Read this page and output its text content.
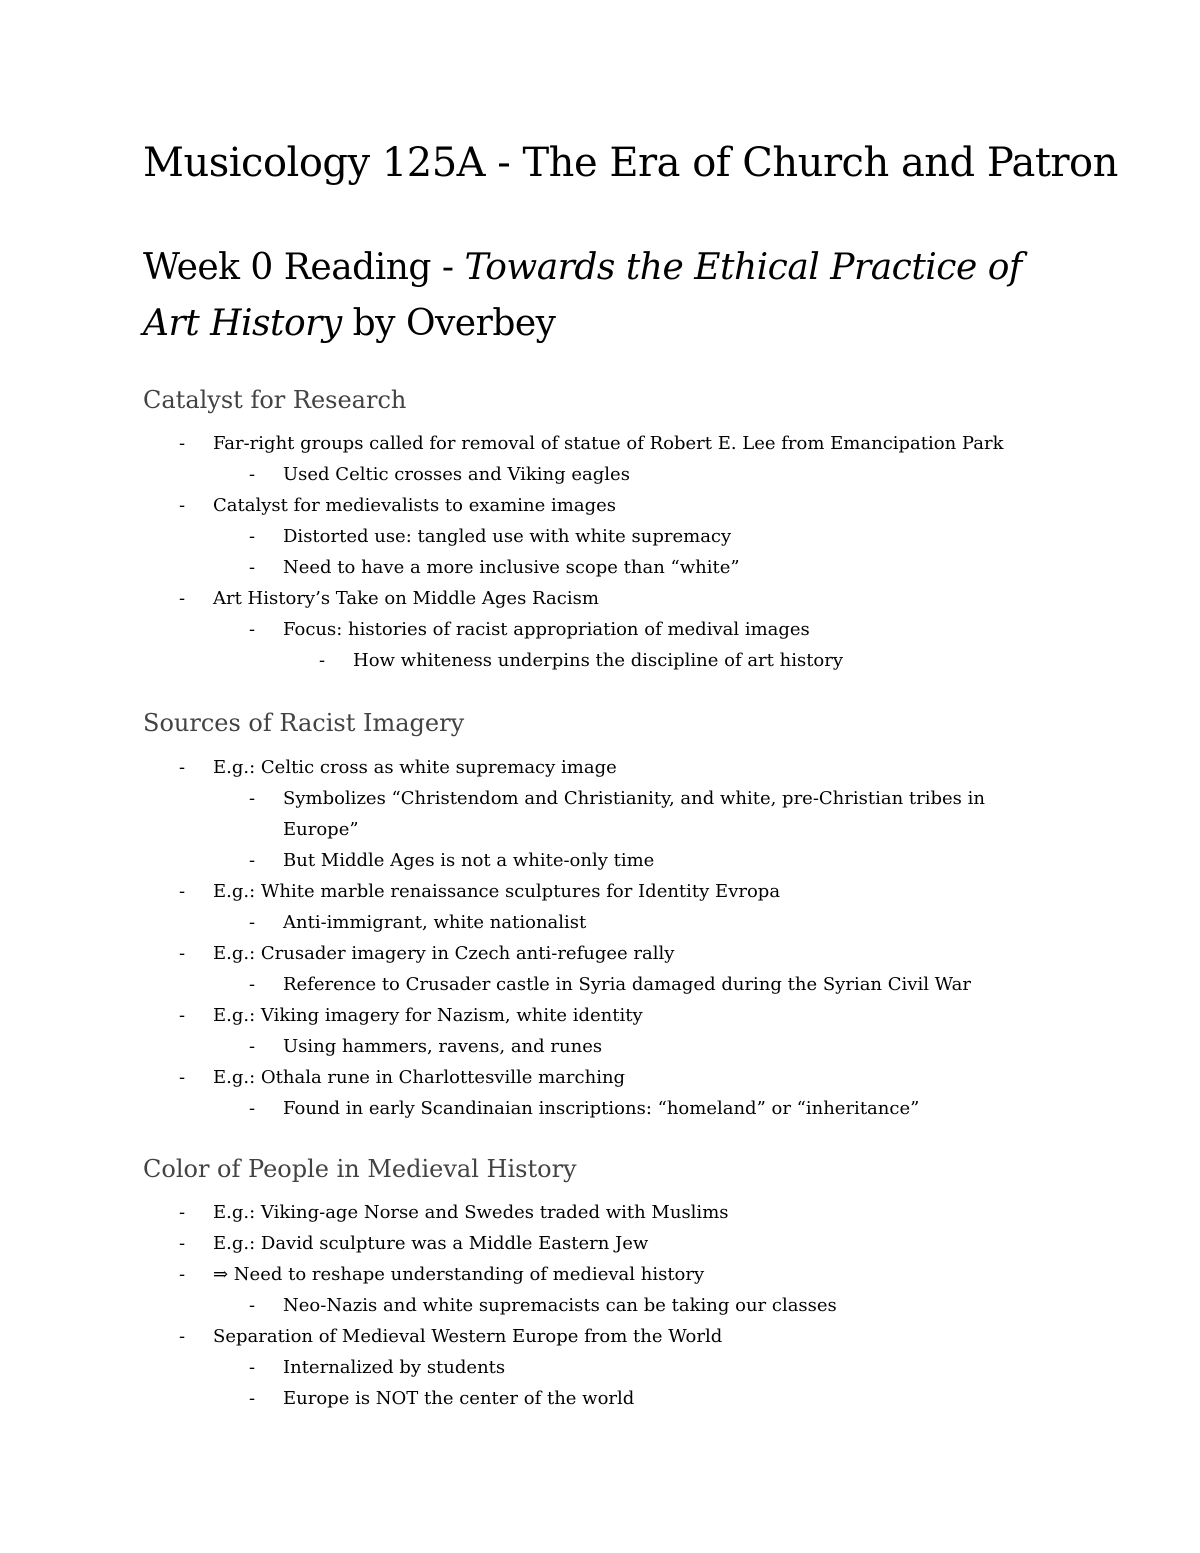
Musicology 125A - The Era of Church and Patron
Week 0 Reading - Towards the Ethical Practice of Art History by Overbey
Catalyst for Research
- Far-right groups called for removal of statue of Robert E. Lee from Emancipation Park
- Used Celtic crosses and Viking eagles
- Catalyst for medievalists to examine images
- Distorted use: tangled use with white supremacy
- Need to have a more inclusive scope than “white”
- Art History’s Take on Middle Ages Racism
- Focus: histories of racist appropriation of medival images
- How whiteness underpins the discipline of art history
Sources of Racist Imagery
- E.g.: Celtic cross as white supremacy image
- Symbolizes “Christendom and Christianity, and white, pre-Christian tribes in Europe”
- But Middle Ages is not a white-only time
- E.g.: White marble renaissance sculptures for Identity Evropa
- Anti-immigrant, white nationalist
- E.g.: Crusader imagery in Czech anti-refugee rally
- Reference to Crusader castle in Syria damaged during the Syrian Civil War
- E.g.: Viking imagery for Nazism, white identity
- Using hammers, ravens, and runes
- E.g.: Othala rune in Charlottesville marching
- Found in early Scandinaian inscriptions: “homeland” or “inheritance”
Color of People in Medieval History
- E.g.: Viking-age Norse and Swedes traded with Muslims
- E.g.: David sculpture was a Middle Eastern Jew
- ⇒ Need to reshape understanding of medieval history
- Neo-Nazis and white supremacists can be taking our classes
- Separation of Medieval Western Europe from the World
- Internalized by students
- Europe is NOT the center of the world
